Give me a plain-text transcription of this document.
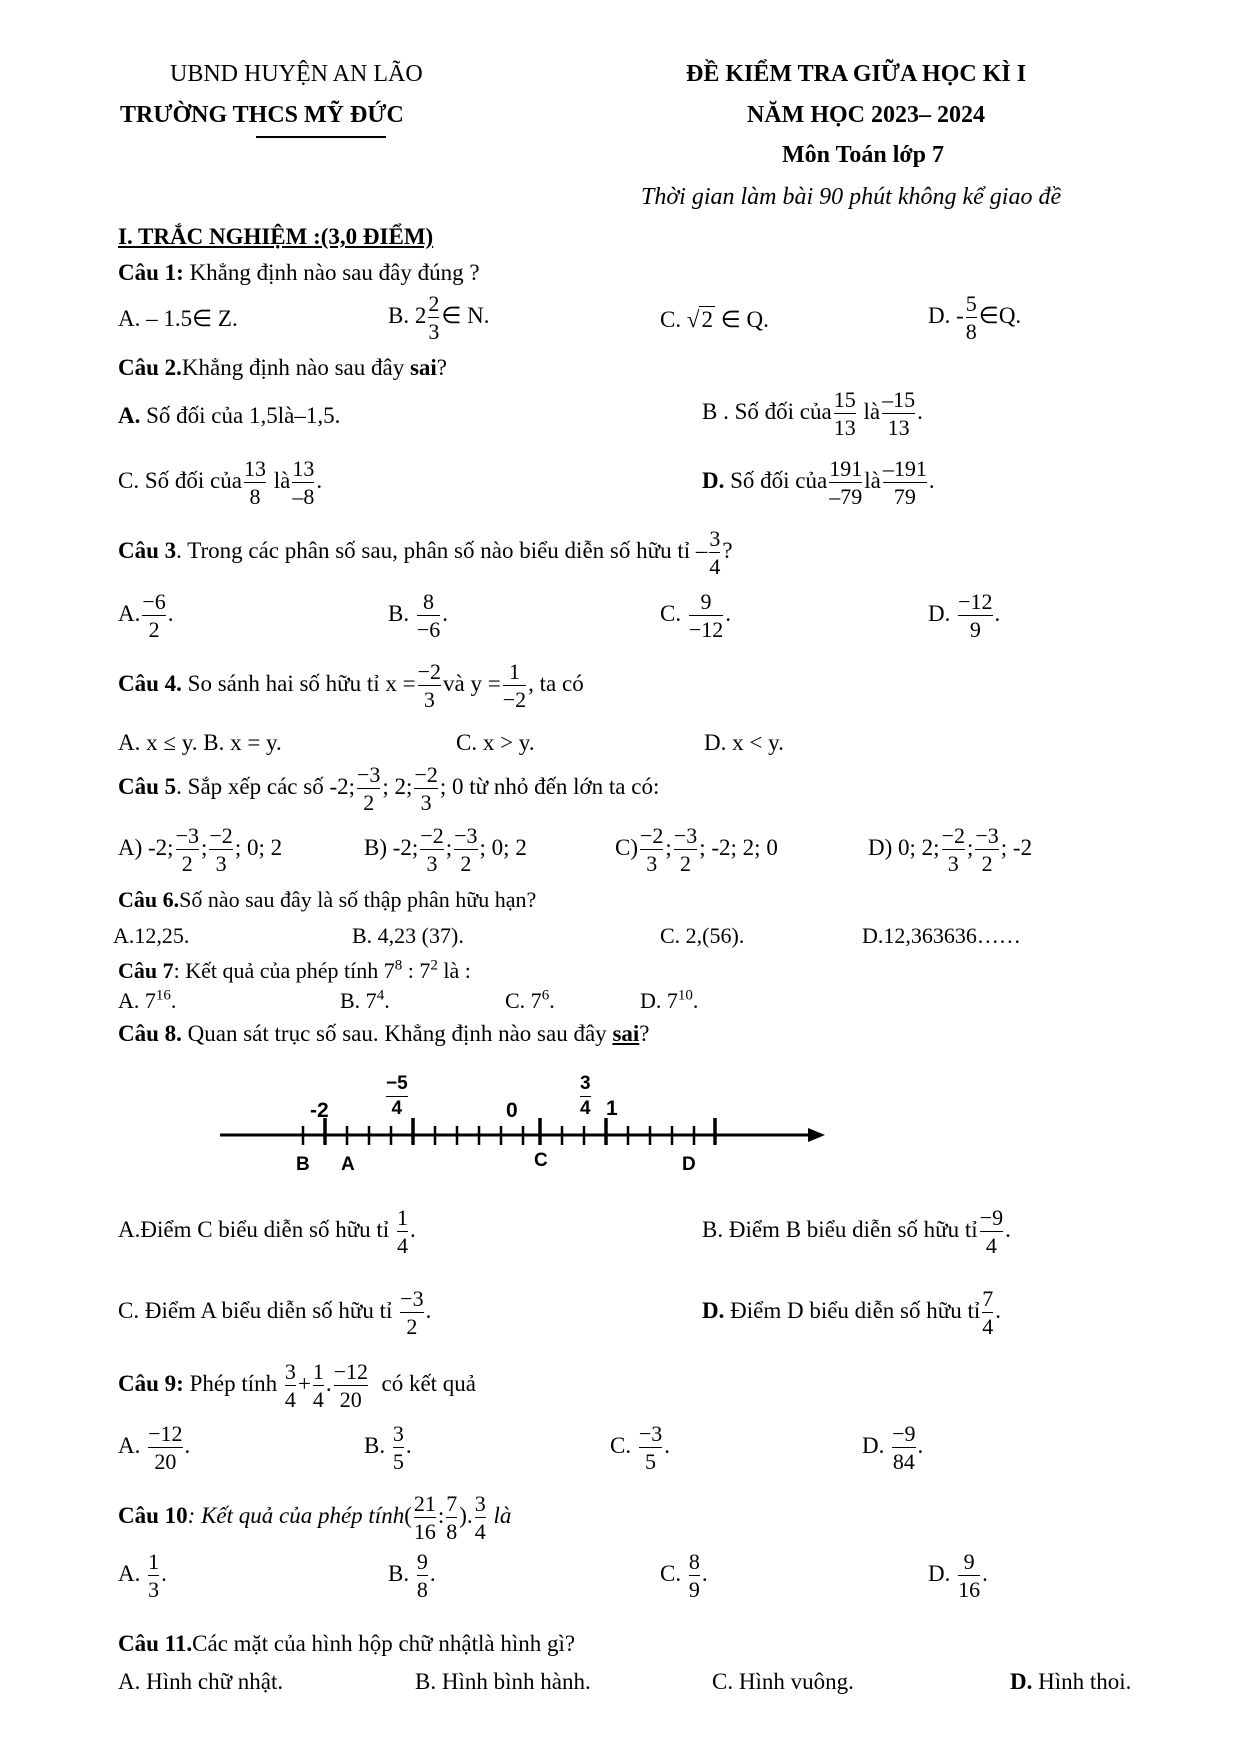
UBND HUYỆN AN LÃO
TRƯỜNG THCS MỸ ĐỨC
ĐỀ KIỂM TRA GIỮA HỌC KÌ I
NĂM HỌC 2023– 2024
Môn Toán lớp 7
Thời gian làm bài 90 phút không kể giao đề
I. TRẮC NGHIỆM :(3,0 ĐIỂM)
Câu 1: Khẳng định nào sau đây đúng ?
A. – 1.5∈ Z.	B. $2 \frac{2}{3}$ ∈ N.	C. √2 ∈ Q.	D. - $\frac{5}{8}$ ∈Q.
Câu 2.Khẳng định nào sau đây sai?
A. Số đối của 1,5là–1,5.	B . Số đối của $\frac{15}{13}$ là $\frac{-15}{13}$ .
C. Số đối của $\frac{13}{8}$ là $\frac{13}{-8}$ .	D. Số đối của $\frac{191}{-79}$ là $\frac{-191}{79}$ .
Câu 3. Trong các phân số sau, phân số nào biểu diễn số hữu tỉ – $\frac{3}{4}$ ?
A. $\frac{-6}{2}$ .	B. $\frac{8}{-6}$ .	C. $\frac{9}{-12}$ .	D. $\frac{-12}{9}$ .
Câu 4. So sánh hai số hữu tỉ $x = \frac{-2}{3}$ và $y = \frac{1}{-2}$ , ta có
A. x ≤ y. B. x = y.	C. x > y.	D. x < y.
Câu 5. Sắp xếp các số -2; $\frac{-3}{2}$ ; 2; $\frac{-2}{3}$ ; 0 từ nhỏ đến lớn ta có:
A) -2; $\frac{-3}{2}$ ; $\frac{-2}{3}$ ; 0; 2	B) -2; $\frac{-2}{3}$ ; $\frac{-3}{2}$ ; 0; 2	$C) \frac{-2}{3}$ ; $\frac{-3}{2}$ ; -2; 2; 0	D) 0; 2; $\frac{-2}{3}$ ; $\frac{-3}{2}$ ; -2
Câu 6.Số nào sau đây là số thập phân hữu hạn?
A.12,25.	B. 4,23 (37).	C. 2,(56).	D.12,363636……
Câu 7: Kết quả của phép tính $7^8$ : $7^2$ là :
A. $7^{16}$.	B. $7^4$.	C. $7^6$.	D. $7^{10}$.
Câu 8. Quan sát trục số sau. Khẳng định nào sau đây sai?
-2	$\frac{-5}{4}$	0	$\frac{3}{4} 1$
B A	C	D
A.Điểm C biểu diễn số hữu tỉ $\frac{1}{4}$ .	B. Điểm B biểu diễn số hữu tỉ $\frac{-9}{4}$ .
C. Điểm A biểu diễn số hữu tỉ $\frac{-3}{2}$ .	D. Điểm D biểu diễn số hữu tỉ $\frac{7}{4}$ .
Câu 9: Phép tính $\frac{3}{4} + \frac{1}{4}$ . $\frac{-12}{20}$ có kết quả
A. $\frac{-12}{20}$ .	B. $\frac{3}{5}$ .	C. $\frac{-3}{5}$ .	D. $\frac{-9}{84}$ .
Câu 10: Kết quả của phép tính( $\frac{21}{16}$ : $\frac{7}{8}$ ). $\frac{3}{4}$ là
A. $\frac{1}{3}$ .	B. $\frac{9}{8}$ .	C. $\frac{8}{9}$ .	D. $\frac{9}{16}$ .
Câu 11.Các mặt của hình hộp chữ nhậtlà hình gì?
A. Hình chữ nhật.	B. Hình bình hành.	C. Hình vuông.	D. Hình thoi.
